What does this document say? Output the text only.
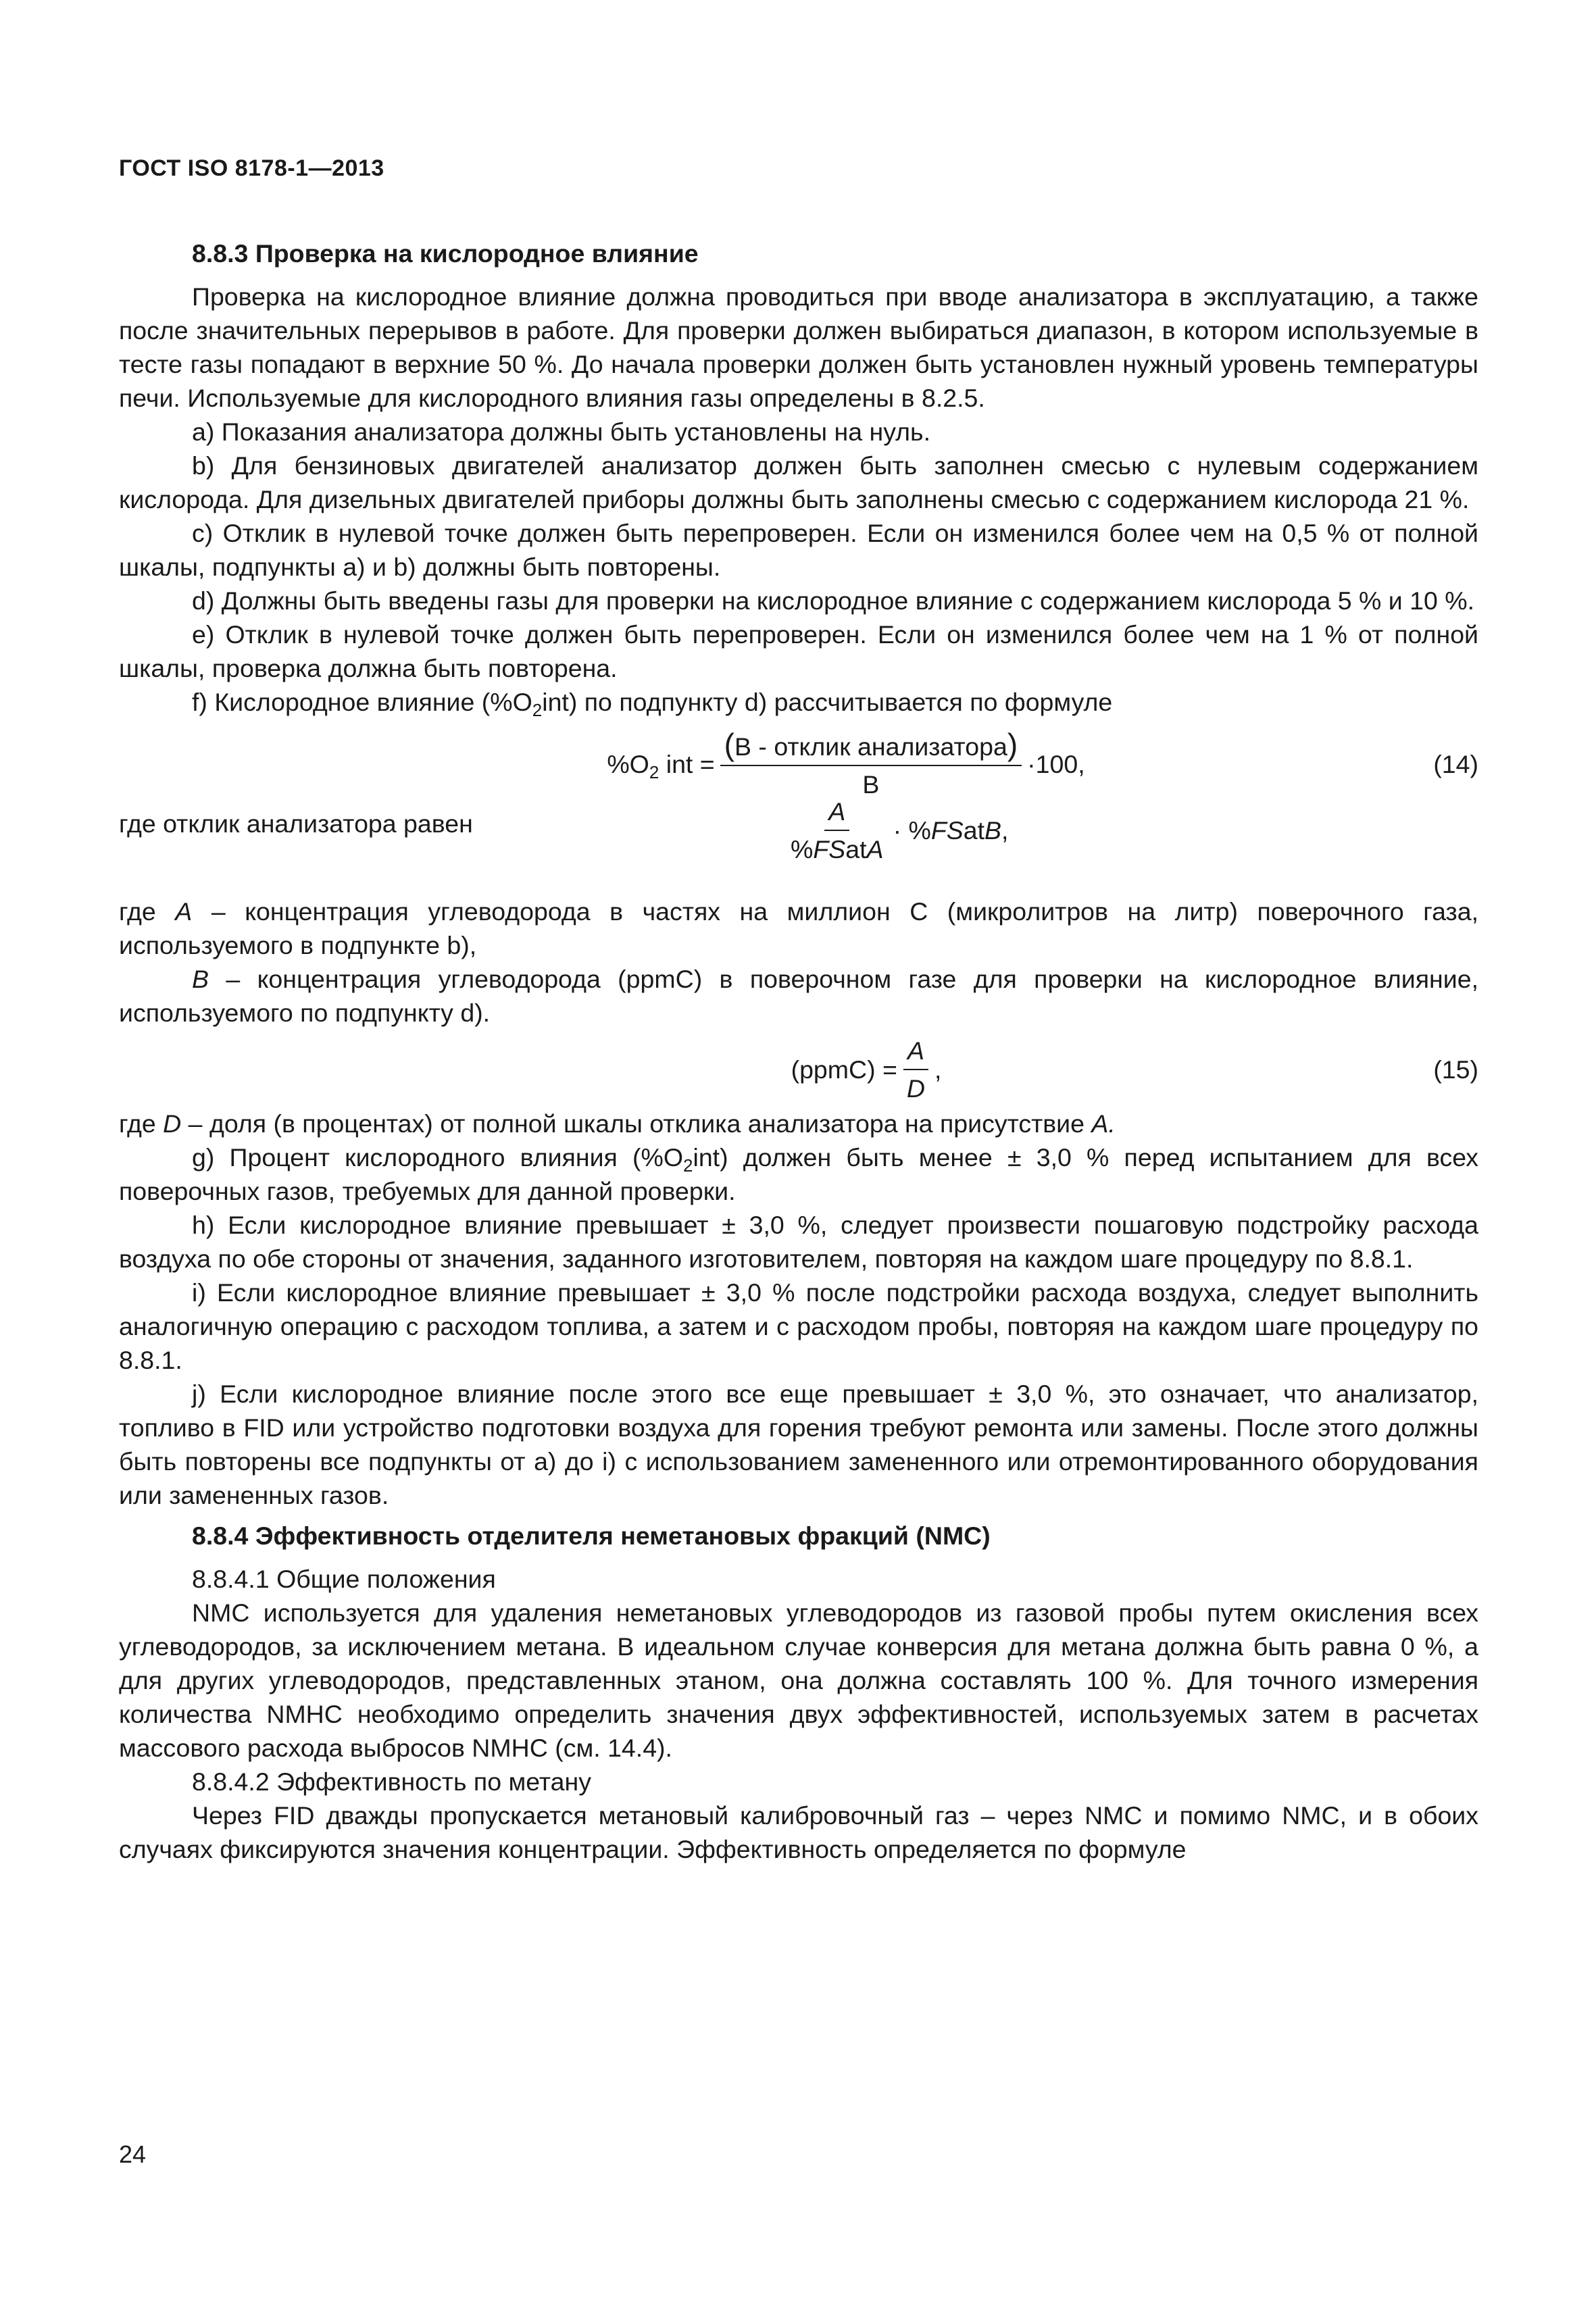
ГОСТ ISO 8178-1—2013

8.8.3 Проверка на кислородное влияние

Проверка на кислородное влияние должна проводиться при вводе анализатора в эксплуатацию, а также после значительных перерывов в работе. Для проверки должен выбираться диапазон, в котором используемые в тесте газы попадают в верхние 50 %. До начала проверки должен быть установлен нужный уровень температуры печи. Используемые для кислородного влияния газы определены в 8.2.5.

a) Показания анализатора должны быть установлены на нуль.

b) Для бензиновых двигателей анализатор должен быть заполнен смесью с нулевым содержанием кислорода. Для дизельных двигателей приборы должны быть заполнены смесью с содержанием кислорода 21 %.

c) Отклик в нулевой точке должен быть перепроверен. Если он изменился более чем на 0,5 % от полной шкалы, подпункты a) и b) должны быть повторены.

d) Должны быть введены газы для проверки на кислородное влияние с содержанием кислорода 5 % и 10 %.

e) Отклик в нулевой точке должен быть перепроверен. Если он изменился более чем на 1 % от полной шкалы, проверка должна быть повторена.

f) Кислородное влияние $(\%O_2int)$ по подпункту d) рассчитывается по формуле

$\%O_2$ int = $\frac{\text{(В - отклик анализатора)}}{В} \cdot 100$,	(14)
где отклик анализатора равен	$\frac{A}{\text{\%FSatA}}$ · %FSatB,

где A – концентрация углеводорода в частях на миллион С (микролитров на литр) поверочного газа, используемого в подпункте b),

B – концентрация углеводорода (ppmC) в поверочном газе для проверки на кислородное влияние, используемого по подпункту d).

(ppmC) = $\frac{A}{D}$ ,	(15)

где D – доля (в процентах) от полной шкалы отклика анализатора на присутствие A.

g) Процент кислородного влияния $(\%O_2int)$ должен быть менее ± 3,0 % перед испытанием для всех поверочных газов, требуемых для данной проверки.

h) Если кислородное влияние превышает ± 3,0 %, следует произвести пошаговую подстройку расхода воздуха по обе стороны от значения, заданного изготовителем, повторяя на каждом шаге процедуру по 8.8.1.

i) Если кислородное влияние превышает ± 3,0 % после подстройки расхода воздуха, следует выполнить аналогичную операцию с расходом топлива, а затем и с расходом пробы, повторяя на каждом шаге процедуру по 8.8.1.

j) Если кислородное влияние после этого все еще превышает ± 3,0 %, это означает, что анализатор, топливо в FID или устройство подготовки воздуха для горения требуют ремонта или замены. После этого должны быть повторены все подпункты от a) до i) с использованием замененного или отремонтированного оборудования или замененных газов.

8.8.4 Эффективность отделителя неметановых фракций (NMC)

8.8.4.1 Общие положения

NMC используется для удаления неметановых углеводородов из газовой пробы путем окисления всех углеводородов, за исключением метана. В идеальном случае конверсия для метана должна быть равна 0 %, а для других углеводородов, представленных этаном, она должна составлять 100 %. Для точного измерения количества NMHC необходимо определить значения двух эффективностей, используемых затем в расчетах массового расхода выбросов NMHC (см. 14.4).

8.8.4.2 Эффективность по метану

Через FID дважды пропускается метановый калибровочный газ – через NMC и помимо NMC, и в обоих случаях фиксируются значения концентрации. Эффективность определяется по формуле

24
